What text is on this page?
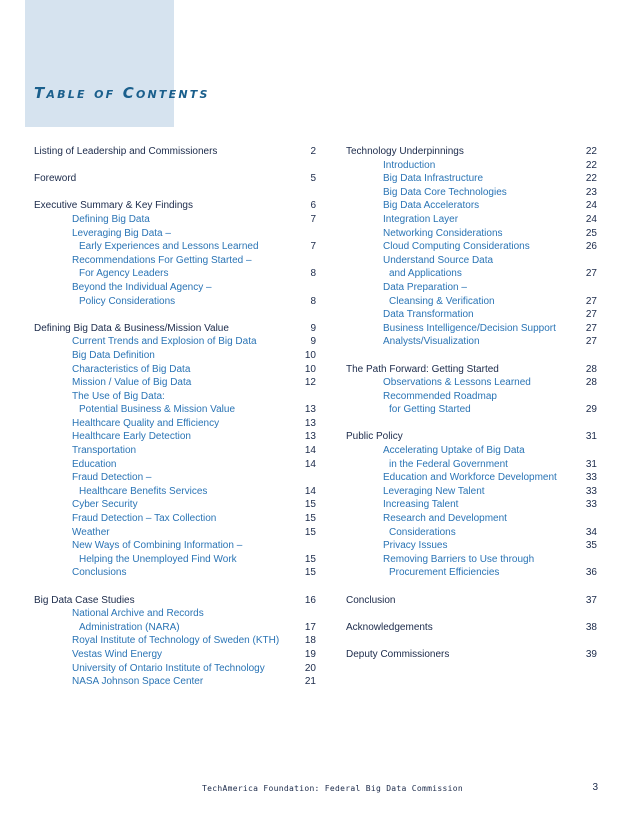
Table of Contents
Listing of Leadership and Commissioners	2
Foreword	5
Executive Summary & Key Findings	6
Defining Big Data	7
Leveraging Big Data –
Early Experiences and Lessons Learned	7
Recommendations For Getting Started –
For Agency Leaders	8
Beyond the Individual Agency –
Policy Considerations	8
Defining Big Data & Business/Mission Value	9
Current Trends and Explosion of Big Data	9
Big Data Definition	10
Characteristics of Big Data	10
Mission / Value of Big Data	12
The Use of Big Data:
Potential Business & Mission Value	13
Healthcare Quality and Efficiency	13
Healthcare Early Detection	13
Transportation	14
Education	14
Fraud Detection –
Healthcare Benefits Services	14
Cyber Security	15
Fraud Detection – Tax Collection	15
Weather	15
New Ways of Combining Information –
Helping the Unemployed Find Work	15
Conclusions	15
Big Data Case Studies	16
National Archive and Records
Administration (NARA)	17
Royal Institute of Technology of Sweden (KTH)	18
Vestas Wind Energy	19
University of Ontario Institute of Technology	20
NASA Johnson Space Center	21
Technology Underpinnings	22
Introduction	22
Big Data Infrastructure	22
Big Data Core Technologies	23
Big Data Accelerators	24
Integration Layer	24
Networking Considerations	25
Cloud Computing Considerations	26
Understand Source Data
and Applications	27
Data Preparation –
Cleansing & Verification	27
Data Transformation	27
Business Intelligence/Decision Support	27
Analysts/Visualization	27
The Path Forward: Getting Started	28
Observations & Lessons Learned	28
Recommended Roadmap
for Getting Started	29
Public Policy	31
Accelerating Uptake of Big Data
in the Federal Government	31
Education and Workforce Development	33
Leveraging New Talent	33
Increasing Talent	33
Research and Development
Considerations	34
Privacy Issues	35
Removing Barriers to Use through
Procurement Efficiencies	36
Conclusion	37
Acknowledgements	38
Deputy Commissioners	39
TechAmerica Foundation: Federal Big Data Commission	3
